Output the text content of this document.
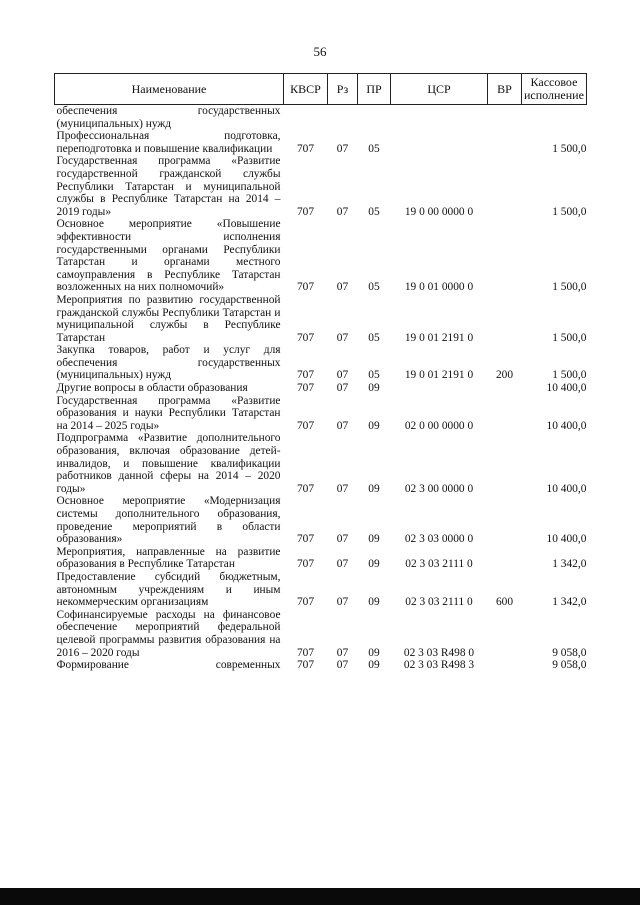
56
Наименование	КВСР	Рз	ПР	ЦСР	ВР	Кассовое исполнение
обеспечения государственных (муниципальных) нужд						
Профессиональная подготовка, переподготовка и повышение квалификации	707	07	05			1 500,0
Государственная программа «Развитие государственной гражданской службы Республики Татарстан и муниципальной службы в Республике Татарстан на 2014 – 2019 годы»	707	07	05	19 0 00 0000 0		1 500,0
Основное мероприятие «Повышение эффективности исполнения государственными органами Республики Татарстан и органами местного самоуправления в Республике Татарстан возложенных на них полномочий»	707	07	05	19 0 01 0000 0		1 500,0
Мероприятия по развитию государственной гражданской службы Республики Татарстан и муниципальной службы в Республике Татарстан	707	07	05	19 0 01 2191 0		1 500,0
Закупка товаров, работ и услуг для обеспечения государственных (муниципальных) нужд	707	07	05	19 0 01 2191 0	200	1 500,0
Другие вопросы в области образования	707	07	09			10 400,0
Государственная программа «Развитие образования и науки Республики Татарстан на 2014 – 2025 годы»	707	07	09	02 0 00 0000 0		10 400,0
Подпрограмма «Развитие дополнительного образования, включая образование детей-инвалидов, и повышение квалификации работников данной сферы на 2014 – 2020 годы»	707	07	09	02 3 00 0000 0		10 400,0
Основное мероприятие «Модернизация системы дополнительного образования, проведение мероприятий в области образования»	707	07	09	02 3 03 0000 0		10 400,0
Мероприятия, направленные на развитие образования в Республике Татарстан	707	07	09	02 3 03 2111 0		1 342,0
Предоставление субсидий бюджетным, автономным учреждениям и иным некоммерческим организациям	707	07	09	02 3 03 2111 0	600	1 342,0
Софинансируемые расходы на финансовое обеспечение мероприятий федеральной целевой программы развития образования на 2016 – 2020 годы	707	07	09	02 3 03 R498 0		9 058,0
Формирование современных	707	07	09	02 3 03 R498 3		9 058,0
